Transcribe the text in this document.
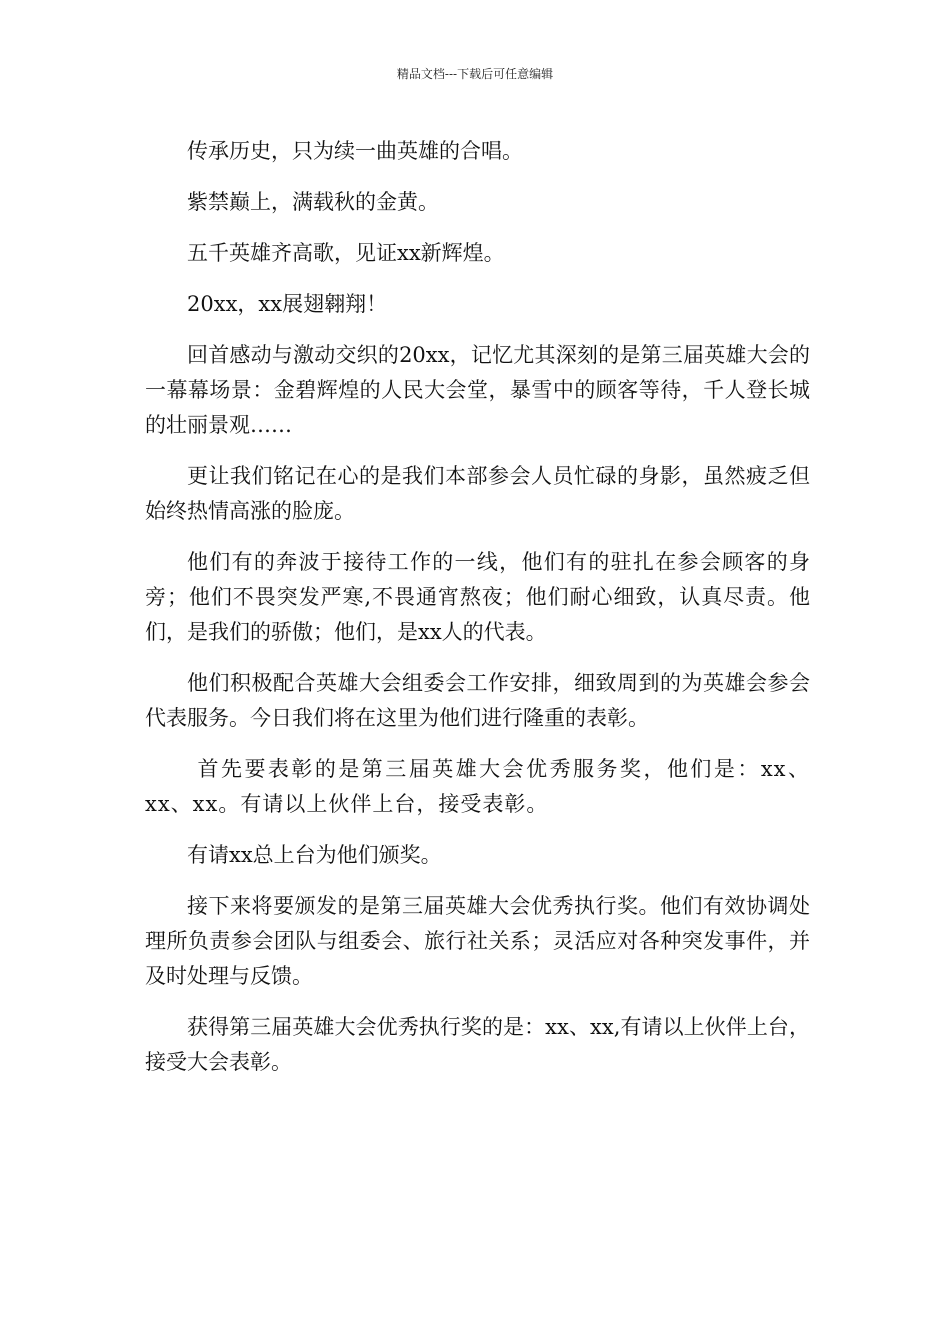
精品文档---下载后可任意编辑

传承历史，只为续一曲英雄的合唱。

紫禁巅上，满载秋的金黄。

五千英雄齐高歌，见证xx新辉煌。

20xx，xx展翅翱翔！

回首感动与激动交织的20xx，记忆尤其深刻的是第三届英雄大会的一幕幕场景：金碧辉煌的人民大会堂，暴雪中的顾客等待，千人登长城的壮丽景观……

更让我们铭记在心的是我们本部参会人员忙碌的身影，虽然疲乏但始终热情高涨的脸庞。

他们有的奔波于接待工作的一线，他们有的驻扎在参会顾客的身旁；他们不畏突发严寒,不畏通宵熬夜；他们耐心细致，认真尽责。他们，是我们的骄傲；他们，是xx人的代表。

他们积极配合英雄大会组委会工作安排，细致周到的为英雄会参会代表服务。今日我们将在这里为他们进行隆重的表彰。

首先要表彰的是第三届英雄大会优秀服务奖，他们是：xx、xx、xx。有请以上伙伴上台，接受表彰。

有请xx总上台为他们颁奖。

接下来将要颁发的是第三届英雄大会优秀执行奖。他们有效协调处理所负责参会团队与组委会、旅行社关系；灵活应对各种突发事件，并及时处理与反馈。

获得第三届英雄大会优秀执行奖的是：xx、xx,有请以上伙伴上台，接受大会表彰。
